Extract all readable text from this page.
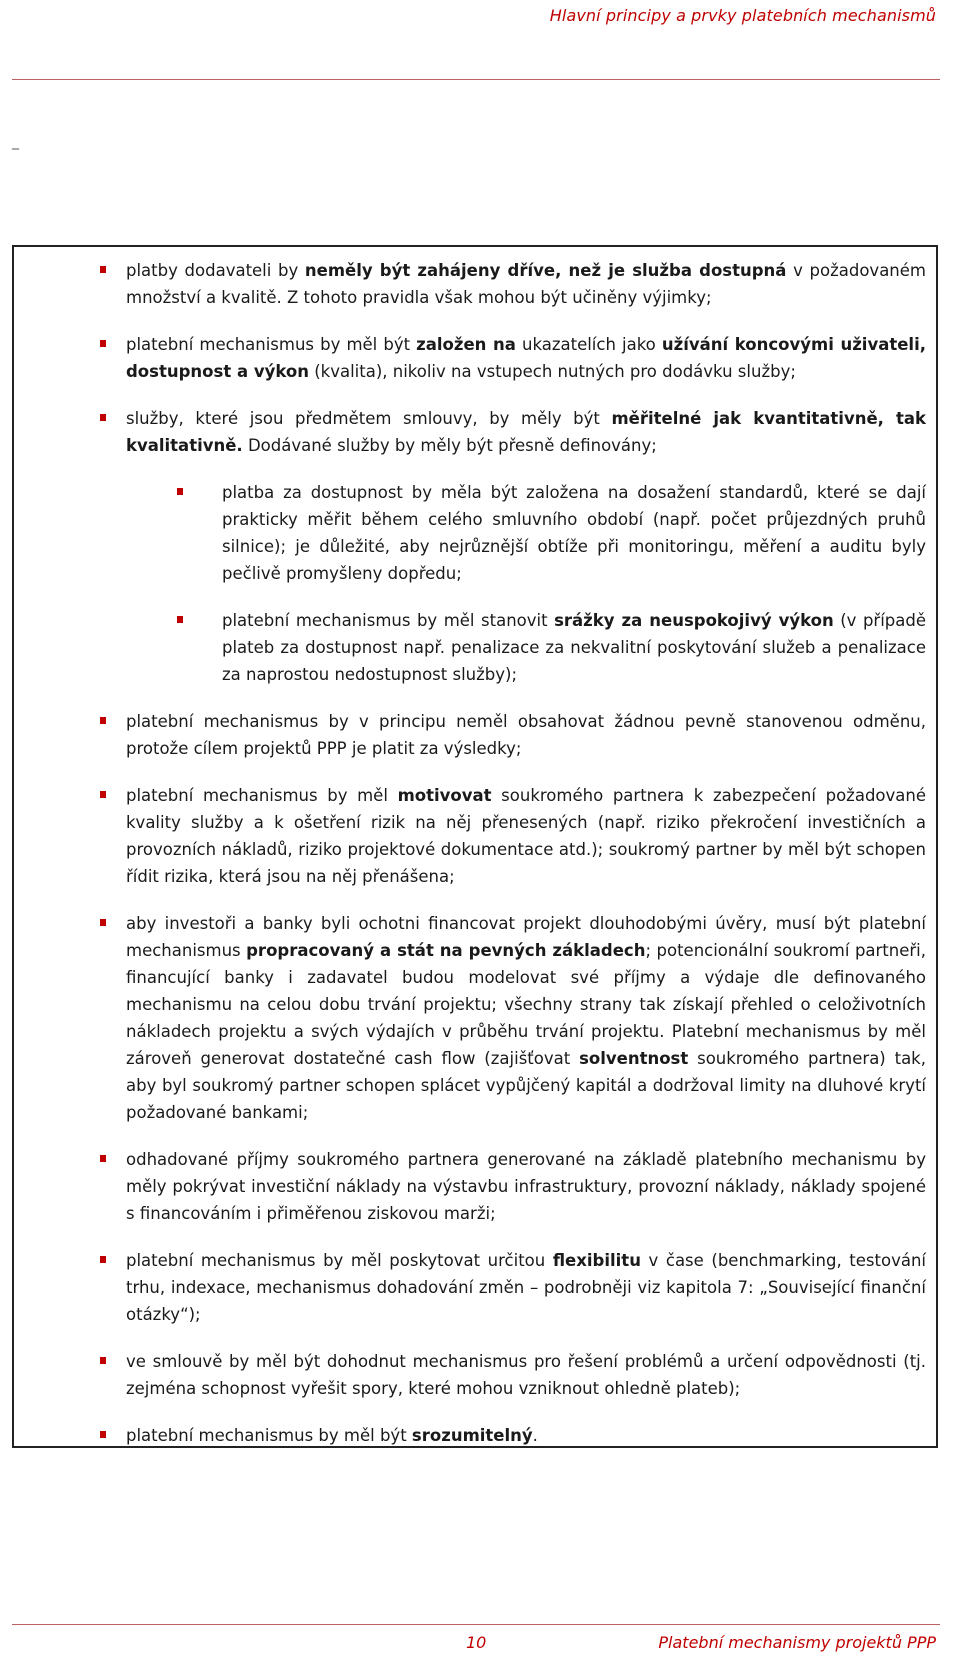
Hlavní principy a prvky platebních mechanismů
_

platby dodavateli by neměly být zahájeny dříve, než je služba dostupná v požadovaném množství a kvalitě. Z tohoto pravidla však mohou být učiněny výjimky;

platební mechanismus by měl být založen na ukazatelích jako užívání koncovými uživateli, dostupnost a výkon (kvalita), nikoliv na vstupech nutných pro dodávku služby;

služby, které jsou předmětem smlouvy, by měly být měřitelné jak kvantitativně, tak kvalitativně. Dodávané služby by měly být přesně definovány;

platba za dostupnost by měla být založena na dosažení standardů, které se dají prakticky měřit během celého smluvního období (např. počet průjezdných pruhů silnice); je důležité, aby nejrůznější obtíže při monitoringu, měření a auditu byly pečlivě promyšleny dopředu;

platební mechanismus by měl stanovit srážky za neuspokojivý výkon (v případě plateb za dostupnost např. penalizace za nekvalitní poskytování služeb a penalizace za naprostou nedostupnost služby);

platební mechanismus by v principu neměl obsahovat žádnou pevně stanovenou odměnu, protože cílem projektů PPP je platit za výsledky;

platební mechanismus by měl motivovat soukromého partnera k zabezpečení požadované kvality služby a k ošetření rizik na něj přenesených (např. riziko překročení investičních a provozních nákladů, riziko projektové dokumentace atd.); soukromý partner by měl být schopen řídit rizika, která jsou na něj přenášena;

aby investoři a banky byli ochotni financovat projekt dlouhodobými úvěry, musí být platební mechanismus propracovaný a stát na pevných základech; potencionální soukromí partneři, financující banky i zadavatel budou modelovat své příjmy a výdaje dle definovaného mechanismu na celou dobu trvání projektu; všechny strany tak získají přehled o celoživotních nákladech projektu a svých výdajích v průběhu trvání projektu. Platební mechanismus by měl zároveň generovat dostatečné cash flow (zajišťovat solventnost soukromého partnera) tak, aby byl soukromý partner schopen splácet vypůjčený kapitál a dodržoval limity na dluhové krytí požadované bankami;

odhadované příjmy soukromého partnera generované na základě platebního mechanismu by měly pokrývat investiční náklady na výstavbu infrastruktury, provozní náklady, náklady spojené s financováním i přiměřenou ziskovou marži;

platební mechanismus by měl poskytovat určitou flexibilitu v čase (benchmarking, testování trhu, indexace, mechanismus dohadování změn – podrobněji viz kapitola 7: „Související finanční otázky“);

ve smlouvě by měl být dohodnut mechanismus pro řešení problémů a určení odpovědnosti (tj. zejména schopnost vyřešit spory, které mohou vzniknout ohledně plateb);

platební mechanismus by měl být srozumitelný.

10	Platební mechanismy projektů PPP
